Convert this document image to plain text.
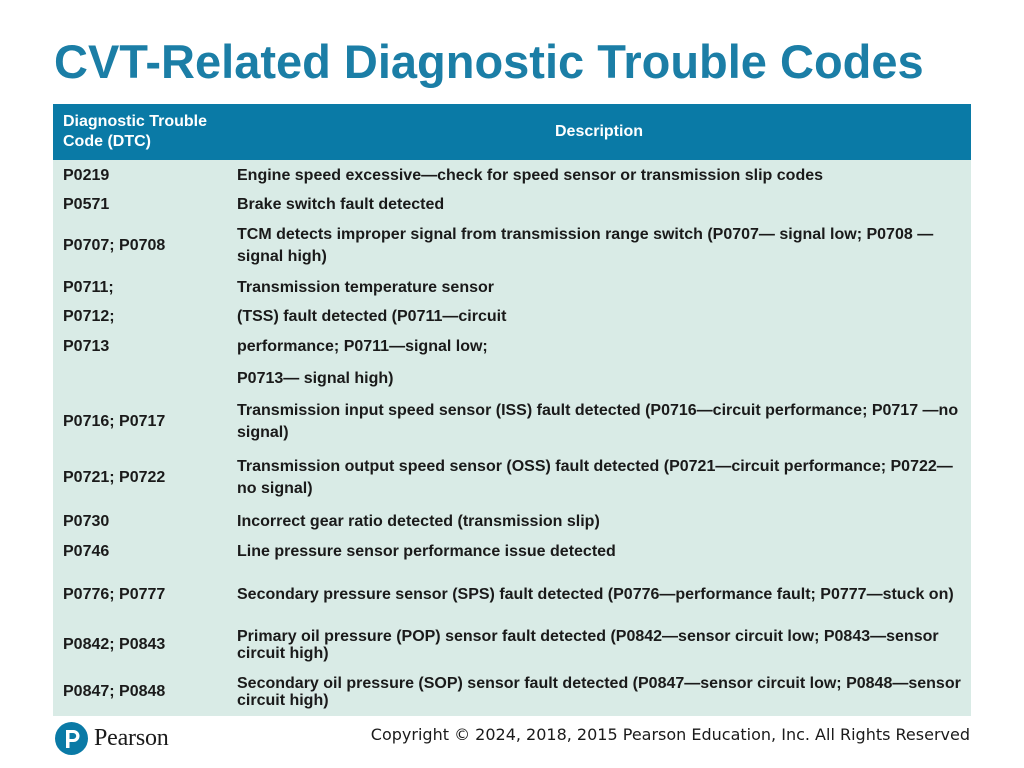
CVT-Related Diagnostic Trouble Codes
Diagnostic Trouble Code (DTC)	Description
P0219	Engine speed excessive—check for speed sensor or transmission slip codes
P0571	Brake switch fault detected
P0707; P0708	TCM detects improper signal from transmission range switch (P0707— signal low; P0708 —signal high)
P0711;	Transmission temperature sensor
P0712;	(TSS) fault detected (P0711—circuit
P0713	performance; P0711—signal low;
	P0713— signal high)
P0716; P0717	Transmission input speed sensor (ISS) fault detected (P0716—circuit performance; P0717 —no signal)
P0721; P0722	Transmission output speed sensor (OSS) fault detected (P0721—circuit performance; P0722—no signal)
P0730	Incorrect gear ratio detected (transmission slip)
P0746	Line pressure sensor performance issue detected
P0776; P0777	Secondary pressure sensor (SPS) fault detected (P0776—performance fault; P0777—stuck on)
P0842; P0843	Primary oil pressure (POP) sensor fault detected (P0842—sensor circuit low; P0843—sensor circuit high)
P0847; P0848	Secondary oil pressure (SOP) sensor fault detected (P0847—sensor circuit low; P0848—sensor circuit high)
Pearson	Copyright © 2024, 2018, 2015 Pearson Education, Inc. All Rights Reserved
